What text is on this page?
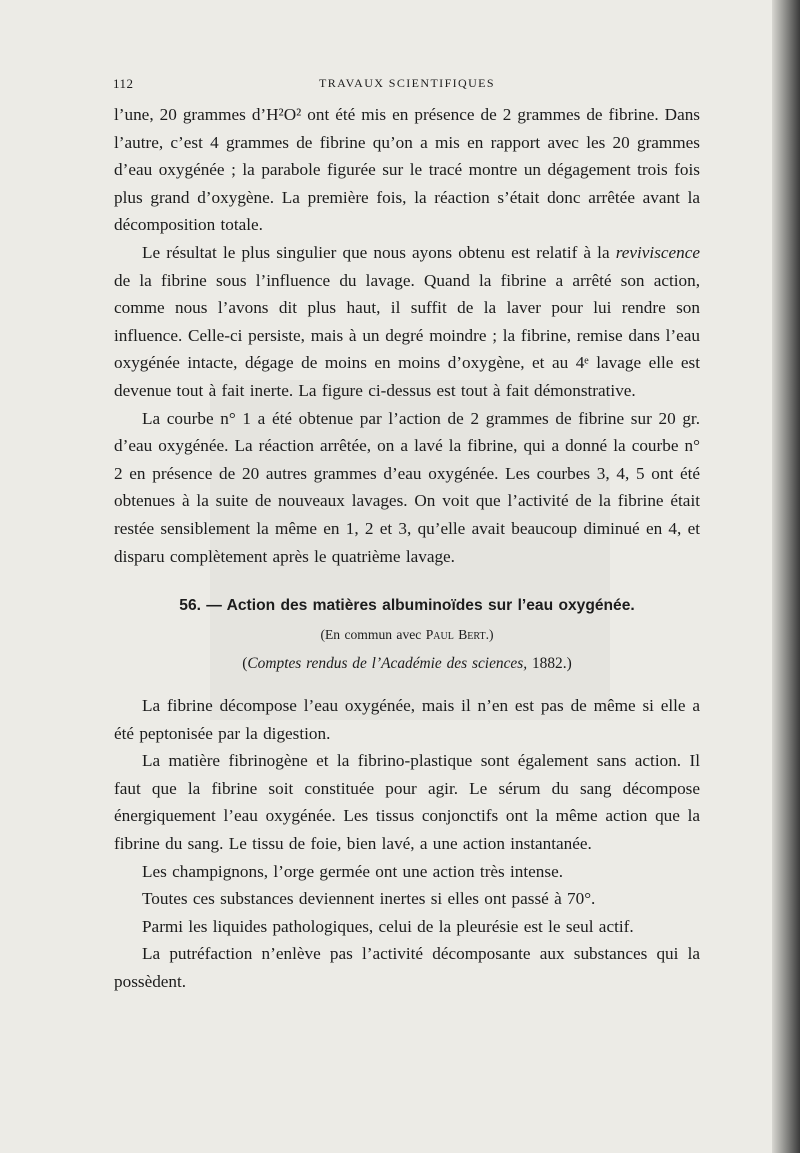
112	TRAVAUX SCIENTIFIQUES

l’une, 20 grammes d’H²O² ont été mis en présence de 2 grammes de fibrine. Dans l’autre, c’est 4 grammes de fibrine qu’on a mis en rapport avec les 20 grammes d’eau oxygénée ; la parabole figurée sur le tracé montre un dégagement trois fois plus grand d’oxygène. La première fois, la réaction s’était donc arrêtée avant la décomposition totale.

Le résultat le plus singulier que nous ayons obtenu est relatif à la reviviscence de la fibrine sous l’influence du lavage. Quand la fibrine a arrêté son action, comme nous l’avons dit plus haut, il suffit de la laver pour lui rendre son influence. Celle-ci persiste, mais à un degré moindre ; la fibrine, remise dans l’eau oxygénée intacte, dégage de moins en moins d’oxygène, et au 4ᵉ lavage elle est devenue tout à fait inerte. La figure ci-dessus est tout à fait démonstrative.

La courbe n° 1 a été obtenue par l’action de 2 grammes de fibrine sur 20 gr. d’eau oxygénée. La réaction arrêtée, on a lavé la fibrine, qui a donné la courbe n° 2 en présence de 20 autres grammes d’eau oxygénée. Les courbes 3, 4, 5 ont été obtenues à la suite de nouveaux lavages. On voit que l’activité de la fibrine était restée sensiblement la même en 1, 2 et 3, qu’elle avait beaucoup diminué en 4, et disparu complètement après le quatrième lavage.

56. — Action des matières albuminoïdes sur l’eau oxygénée.
(En commun avec Paul Bert.)
(Comptes rendus de l’Académie des sciences, 1882.)

La fibrine décompose l’eau oxygénée, mais il n’en est pas de même si elle a été peptonisée par la digestion.

La matière fibrinogène et la fibrino-plastique sont également sans action. Il faut que la fibrine soit constituée pour agir. Le sérum du sang décompose énergiquement l’eau oxygénée. Les tissus conjonctifs ont la même action que la fibrine du sang. Le tissu de foie, bien lavé, a une action instantanée.

Les champignons, l’orge germée ont une action très intense.

Toutes ces substances deviennent inertes si elles ont passé à 70°.

Parmi les liquides pathologiques, celui de la pleurésie est le seul actif.

La putréfaction n’enlève pas l’activité décomposante aux substances qui la possèdent.
